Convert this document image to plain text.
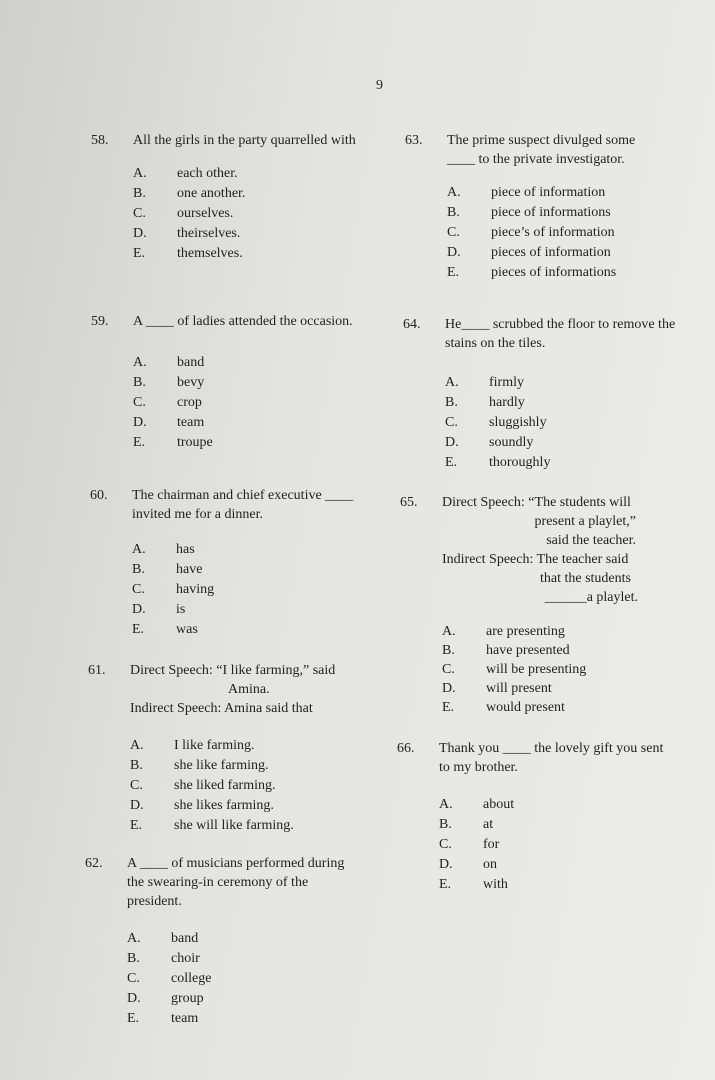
9
58. All the girls in the party quarrelled with
A.	each other.
B.	one another.
C.	ourselves.
D.	theirselves.
E.	themselves.
59. A ____ of ladies attended the occasion.
A.	band
B.	bevy
C.	crop
D.	team
E.	troupe
60. The chairman and chief executive ____ invited me for a dinner.
A.	has
B.	have
C.	having
D.	is
E.	was
61. Direct Speech: “I like farming,” said
Amina.
Indirect Speech: Amina said that
A.	I like farming.
B.	she like farming.
C.	she liked farming.
D.	she likes farming.
E.	she will like farming.
62. A ____ of musicians performed during the swearing-in ceremony of the president.
A.	band
B.	choir
C.	college
D.	group
E.	team
63. The prime suspect divulged some ____ to the private investigator.
A.	piece of information
B.	piece of informations
C.	piece’s of information
D.	pieces of information
E.	pieces of informations
64. He____ scrubbed the floor to remove the stains on the tiles.
A.	firmly
B.	hardly
C.	sluggishly
D.	soundly
E.	thoroughly
65. Direct Speech: “The students will
present a playlet,”
said the teacher.
Indirect Speech: The teacher said
that the students
______a playlet.
A.	are presenting
B.	have presented
C.	will be presenting
D.	will present
E.	would present
66. Thank you ____ the lovely gift you sent to my brother.
A.	about
B.	at
C.	for
D.	on
E.	with
